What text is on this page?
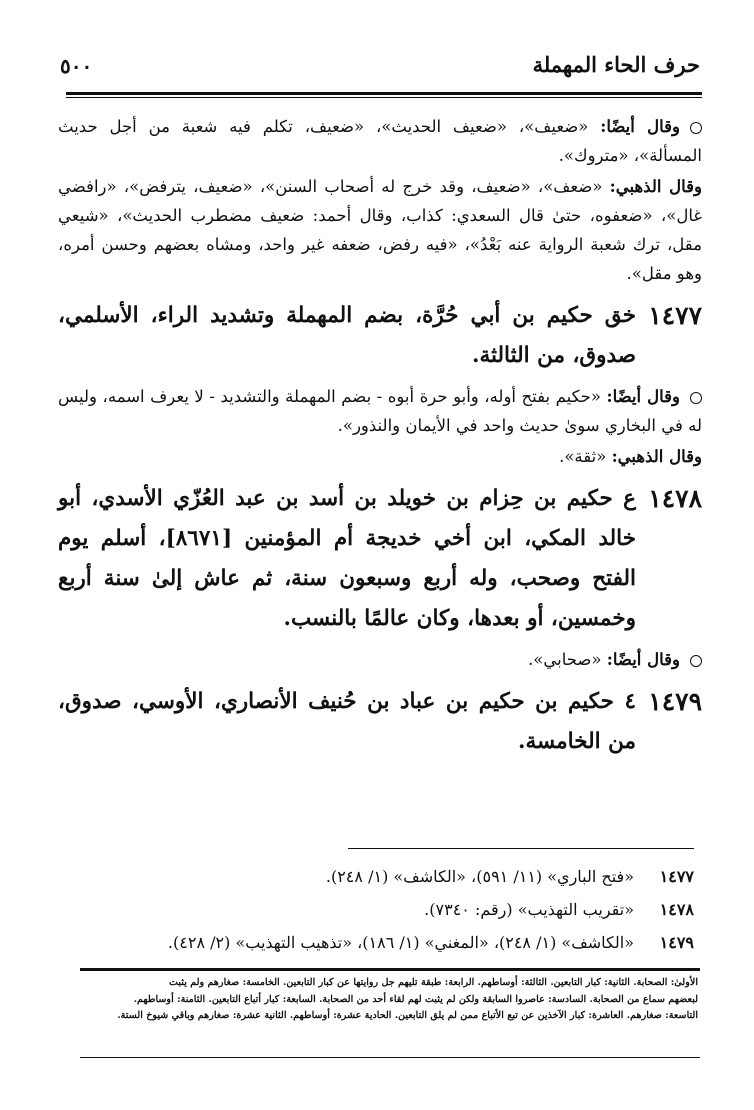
حرف الحاء المهملة
٥٠٠

وقال أيضًا: «ضعيف»، «ضعيف الحديث»، «ضعيف، تكلم فيه شعبة من أجل حديث المسألة»، «متروك».

وقال الذهبي: «ضعف»، «ضعيف، وقد خرج له أصحاب السنن»، «ضعيف، يترفض»، «رافضي غال»، «ضعفوه، حتىٰ قال السعدي: كذاب، وقال أحمد: ضعيف مضطرب الحديث»، «شيعي مقل، ترك شعبة الرواية عنه بَعْدُ»، «فيه رفض، ضعفه غير واحد، ومشاه بعضهم وحسن أمره، وهو مقل».

١٤٧٧
خق حكيم بن أبي حُرَّة، بضم المهملة وتشديد الراء، الأسلمي، صدوق، من الثالثة.

وقال أيضًا: «حكيم بفتح أوله، وأبو حرة أبوه - بضم المهملة والتشديد - لا يعرف اسمه، وليس له في البخاري سوىٰ حديث واحد في الأيمان والنذور».

وقال الذهبي: «ثقة».

١٤٧٨
ع حكيم بن حِزام بن خويلد بن أسد بن عبد العُزّي الأسدي، أبو خالد المكي، ابن أخي خديجة أم المؤمنين [٨٦٧١]، أسلم يوم الفتح وصحب، وله أربع وسبعون سنة، ثم عاش إلىٰ سنة أربع وخمسين، أو بعدها، وكان عالمًا بالنسب.

وقال أيضًا: «صحابي».

١٤٧٩
٤ حكيم بن حكيم بن عباد بن حُنيف الأنصاري، الأوسي، صدوق، من الخامسة.
١٤٧٧
«فتح الباري» (١١/ ٥٩١)، «الكاشف» (١/ ٢٤٨).
١٤٧٨
«تقريب التهذيب» (رقم: ٧٣٤٠).
١٤٧٩
«الكاشف» (١/ ٢٤٨)، «المغني» (١/ ١٨٦)، «تذهيب التهذيب» (٢/ ٤٢٨).

الأولىٰ: الصحابة. الثانية: كبار التابعين. الثالثة: أوساطهم. الرابعة: طبقة تليهم جل روايتها عن كبار التابعين. الخامسة: صغارهم ولم يثبت

لبعضهم سماع من الصحابة. السادسة: عاصروا السابقة ولكن لم يثبت لهم لقاء أحد من الصحابة. السابعة: كبار أتباع التابعين. الثامنة: أوساطهم.

التاسعة: صغارهم. العاشرة: كبار الآخذين عن تبع الأتباع ممن لم يلق التابعين. الحادية عشرة: أوساطهم. الثانية عشرة: صغارهم وباقي شيوخ الستة.
